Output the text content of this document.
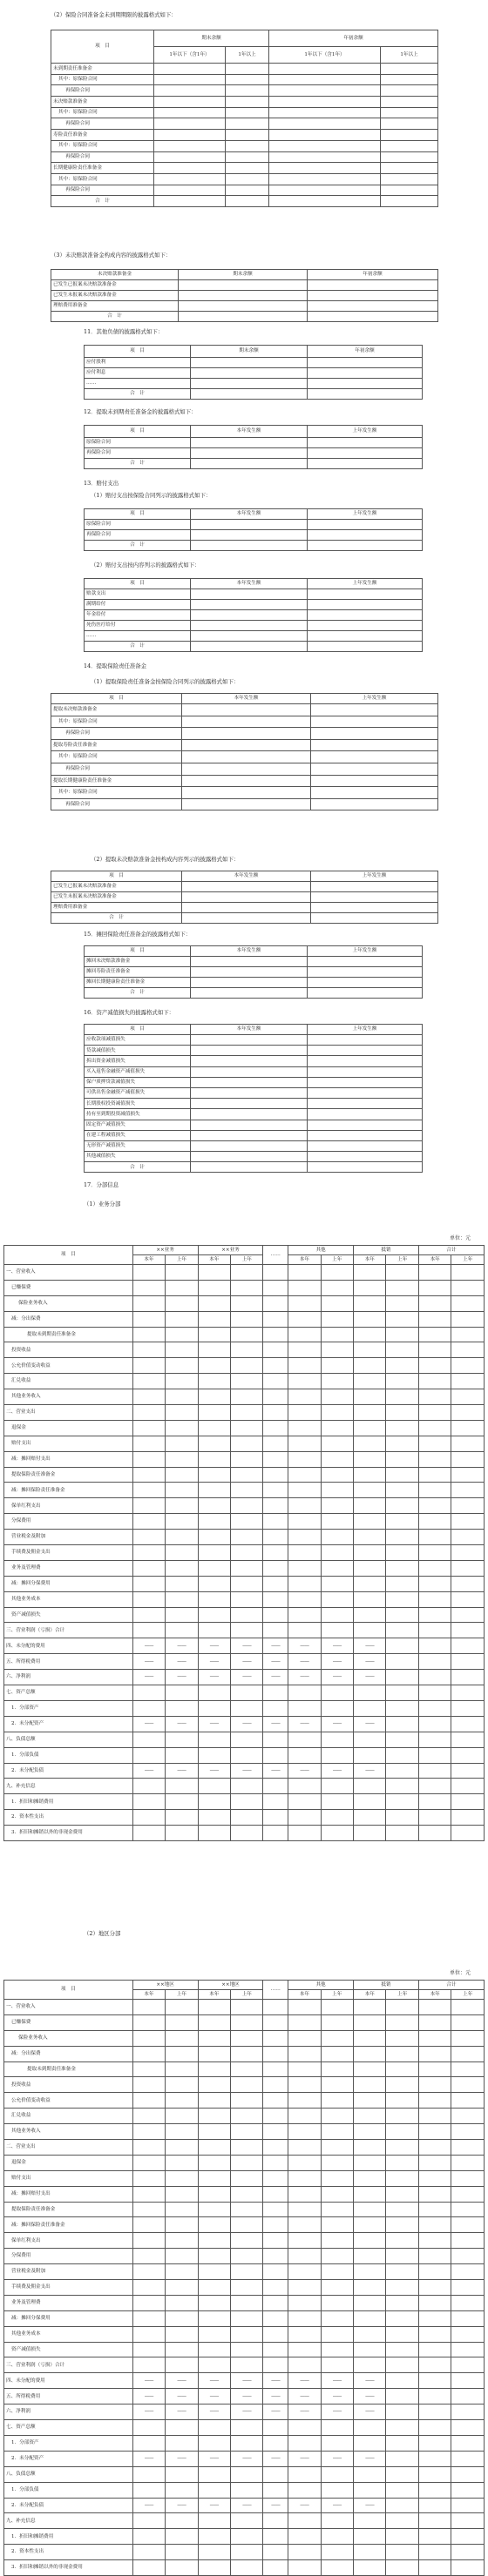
（2）保险合同准备金未到期期限的披露格式如下：
项　目	期末余额		年初余额	
	1年以下（含1年）	1年以上	1年以下（含1年）	1年以上
未到期责任准备金				
其中：原保险合同				
再保险合同				
未决赔款准备金				
其中：原保险合同				
再保险合同				
寿险责任准备金				
其中：原保险合同				
再保险合同				
长期健康险责任准备金				
其中：原保险合同				
再保险合同				
合　计				
（3）未决赔款准备金构成内容的披露格式如下：
未决赔款准备金	期末余额	年初余额
已发生已报案未决赔款准备金		
已发生未报案未决赔款准备金		
理赔费用准备金		
合　计		
11．其他负债的披露格式如下：
项　目	期末余额	年初余额
应付股利		
应付利息		
……		
合　计		
12．提取未到期责任准备金的披露格式如下：
项　目	本年发生额	上年发生额
原保险合同		
再保险合同		
合　计		
13．赔付支出
（1）赔付支出按保险合同列示的披露格式如下：
项　目	本年发生额	上年发生额
原保险合同		
再保险合同		
合　计		
（2）赔付支出按内容列示的披露格式如下：
项　目	本年发生额	上年发生额
赔款支出		
满期给付		
年金给付		
死伤医疗给付		
……		
合　计		
14．提取保险责任准备金
（1）提取保险责任准备金按保险合同列示的披露格式如下：
项　目	本年发生额	上年发生额
提取未决赔款准备金		
其中：原保险合同		
再保险合同		
提取寿险责任准备金		
其中：原保险合同		
再保险合同		
提取长期健康险责任准备金		
其中：原保险合同		
再保险合同		
（2）提取未决赔款准备金按构成内容列示的披露格式如下：
项　目	本年发生额	上年发生额
已发生已报案未决赔款准备金		
已发生未报案未决赔款准备金		
理赔费用准备金		
合　计		
15．摊回保险责任准备金的披露格式如下：
项　目	本年发生额	上年发生额
摊回未决赔款准备金		
摊回寿险责任准备金		
摊回长期健康险责任准备金		
合　计		
16．资产减值损失的披露格式如下：
项　目	本年发生额	上年发生额
应收款项减值损失		
贷款减值损失		
拆出资金减值损失		
买入返售金融资产减值损失		
保户质押贷款减值损失		
可供出售金融资产减值损失		
长期股权投资减值损失		
持有至到期投资减值损失		
固定资产减值损失		
在建工程减值损失		
无形资产减值损失		
其他减值损失		
合　计		
17．分部信息
（1）业务分部
单位：元
项　目	××业务		××业务		……	其他		抵销		合计	
	本年	上年	本年	上年		本年	上年	本年	上年	本年	上年
一、营业收入											
已赚保费											
保险业务收入											
减：分出保费											
提取未到期责任准备金											
投资收益											
公允价值变动收益											
汇兑收益											
其他业务收入											
二、营业支出											
退保金											
赔付支出											
减：摊回赔付支出											
提取保险责任准备金											
减：摊回保险责任准备金											
保单红利支出											
分保费用											
营业税金及附加											
手续费及佣金支出											
业务及管理费											
减：摊回分保费用											
其他业务成本											
资产减值损失											
三、营业利润（亏损）合计											
四、未分配的费用	——	——	——	——	——	——	——	——			

五、所得税费用	——	——	——	——	——	——	——	——			

六、净利润	——	——	——	——	——	——	——	——			

七、资产总额											
1．分部资产											
2．未分配资产	——	——	——	——	——	——	——	——			

八、负债总额											
1．分部负债											
2．未分配负债	——	——	——	——	——	——	——	——			

九、补充信息											
1．折旧和摊销费用											
2．资本性支出											
3．折旧和摊销以外的非现金费用											
（2）地区分部
单位：元
项　目	××地区		××地区		……	其他		抵销		合计	
	本年	上年	本年	上年		本年	上年	本年	上年	本年	上年
一、营业收入											
已赚保费											
保险业务收入											
减：分出保费											
提取未到期责任准备金											
投资收益											
公允价值变动收益											
汇兑收益											
其他业务收入											
二、营业支出											
退保金											
赔付支出											
减：摊回赔付支出											
提取保险责任准备金											
减：摊回保险责任准备金											
保单红利支出											
分保费用											
营业税金及附加											
手续费及佣金支出											
业务及管理费											
减：摊回分保费用											
其他业务成本											
资产减值损失											
三、营业利润（亏损）合计											
四、未分配的费用	——	——	——	——	——	——	——	——			

五、所得税费用	——	——	——	——	——	——	——	——			

六、净利润	——	——	——	——	——	——	——	——			

七、资产总额											
1．分部资产											
2．未分配资产	——	——	——	——	——	——	——	——			

八、负债总额											
1．分部负债											
2．未分配负债	——	——	——	——	——	——	——	——			

九、补充信息											
1．折旧和摊销费用											
2．资本性支出											
3．折旧和摊销以外的非现金费用											
